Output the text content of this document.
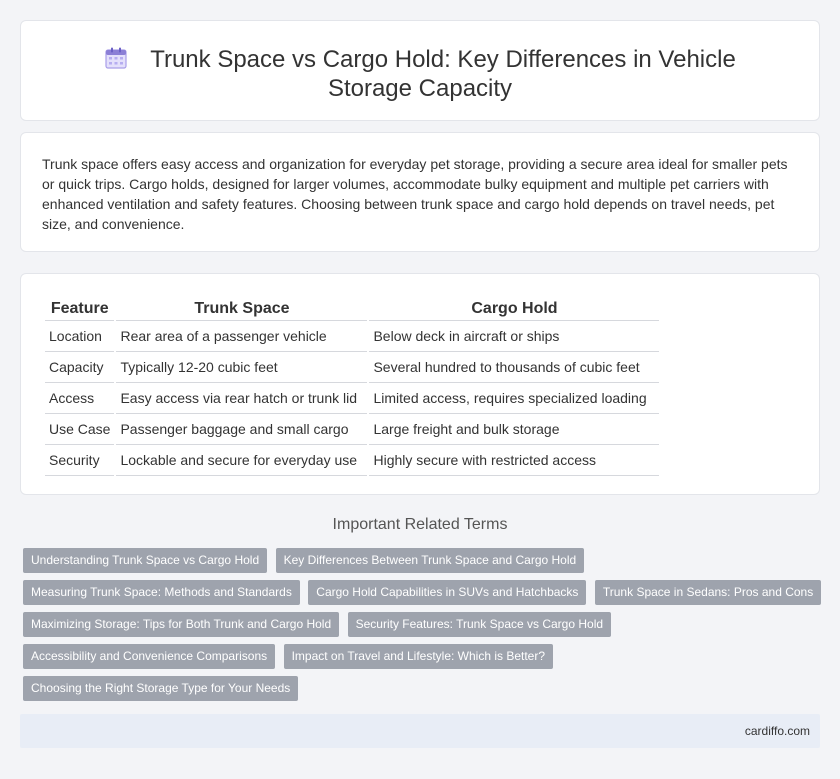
Trunk Space vs Cargo Hold: Key Differences in Vehicle Storage Capacity

Trunk space offers easy access and organization for everyday pet storage, providing a secure area ideal for smaller pets or quick trips. Cargo holds, designed for larger volumes, accommodate bulky equipment and multiple pet carriers with enhanced ventilation and safety features. Choosing between trunk space and cargo hold depends on travel needs, pet size, and convenience.

Feature	Trunk Space	Cargo Hold
Location	Rear area of a passenger vehicle	Below deck in aircraft or ships
Capacity	Typically 12-20 cubic feet	Several hundred to thousands of cubic feet
Access	Easy access via rear hatch or trunk lid	Limited access, requires specialized loading
Use Case	Passenger baggage and small cargo	Large freight and bulk storage
Security	Lockable and secure for everyday use	Highly secure with restricted access
Important Related Terms
Understanding Trunk Space vs Cargo Hold Key Differences Between Trunk Space and Cargo Hold
Measuring Trunk Space: Methods and Standards Cargo Hold Capabilities in SUVs and Hatchbacks Trunk Space in Sedans: Pros and Cons
Maximizing Storage: Tips for Both Trunk and Cargo Hold Security Features: Trunk Space vs Cargo Hold
Accessibility and Convenience Comparisons Impact on Travel and Lifestyle: Which is Better?
Choosing the Right Storage Type for Your Needs
cardiffo.com
